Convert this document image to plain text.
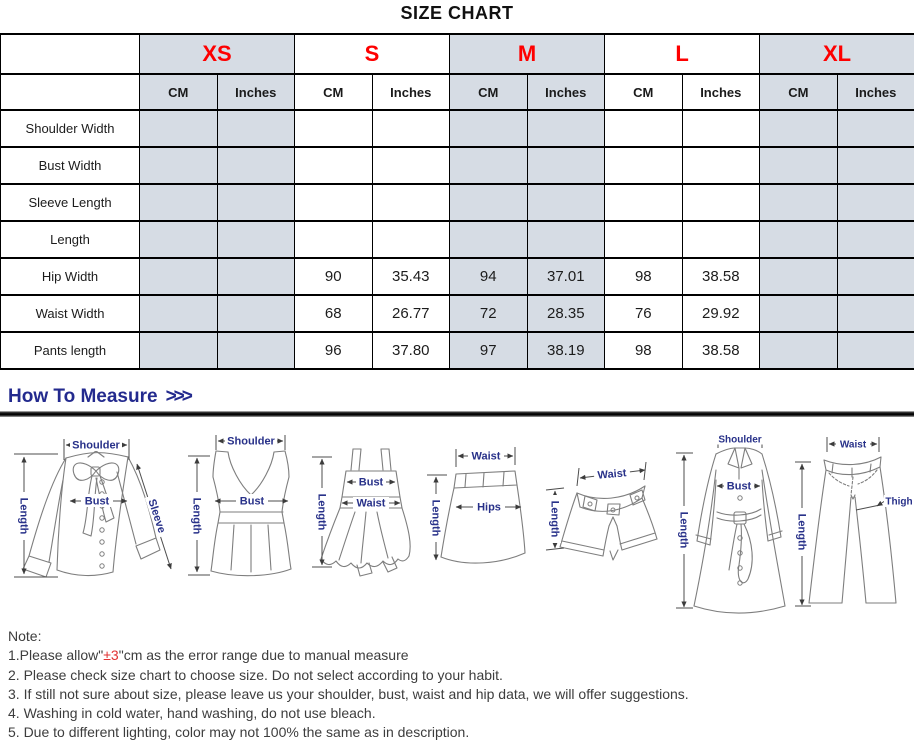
SIZE CHART
	XS		S		M		L		XL	
	CM	Inches	CM	Inches	CM	Inches	CM	Inches	CM	Inches
Shoulder Width										
Bust Width										
Sleeve Length										
Length										
Hip Width			90	35.43	94	37.01	98	38.58		
Waist Width			68	26.77	72	28.35	76	29.92		
Pants length			96	37.80	97	38.19	98	38.58		
How To Measure >>>
Shoulder
Length	Bust	Sleeve
Shoulder
Length	Bust	Length
Bust
Waist
Waist
Length	Hips
Waist
Length
Shoulder
Length
Bust
Waist
Length
Thigh

Note:

1.Please allow"±3"cm as the error range due to manual measure

2. Please check size chart to choose size. Do not select according to your habit.

3. If still not sure about size, please leave us your shoulder, bust, waist and hip data, we will offer suggestions.

4. Washing in cold water, hand washing, do not use bleach.

5. Due to different lighting, color may not 100% the same as in description.
